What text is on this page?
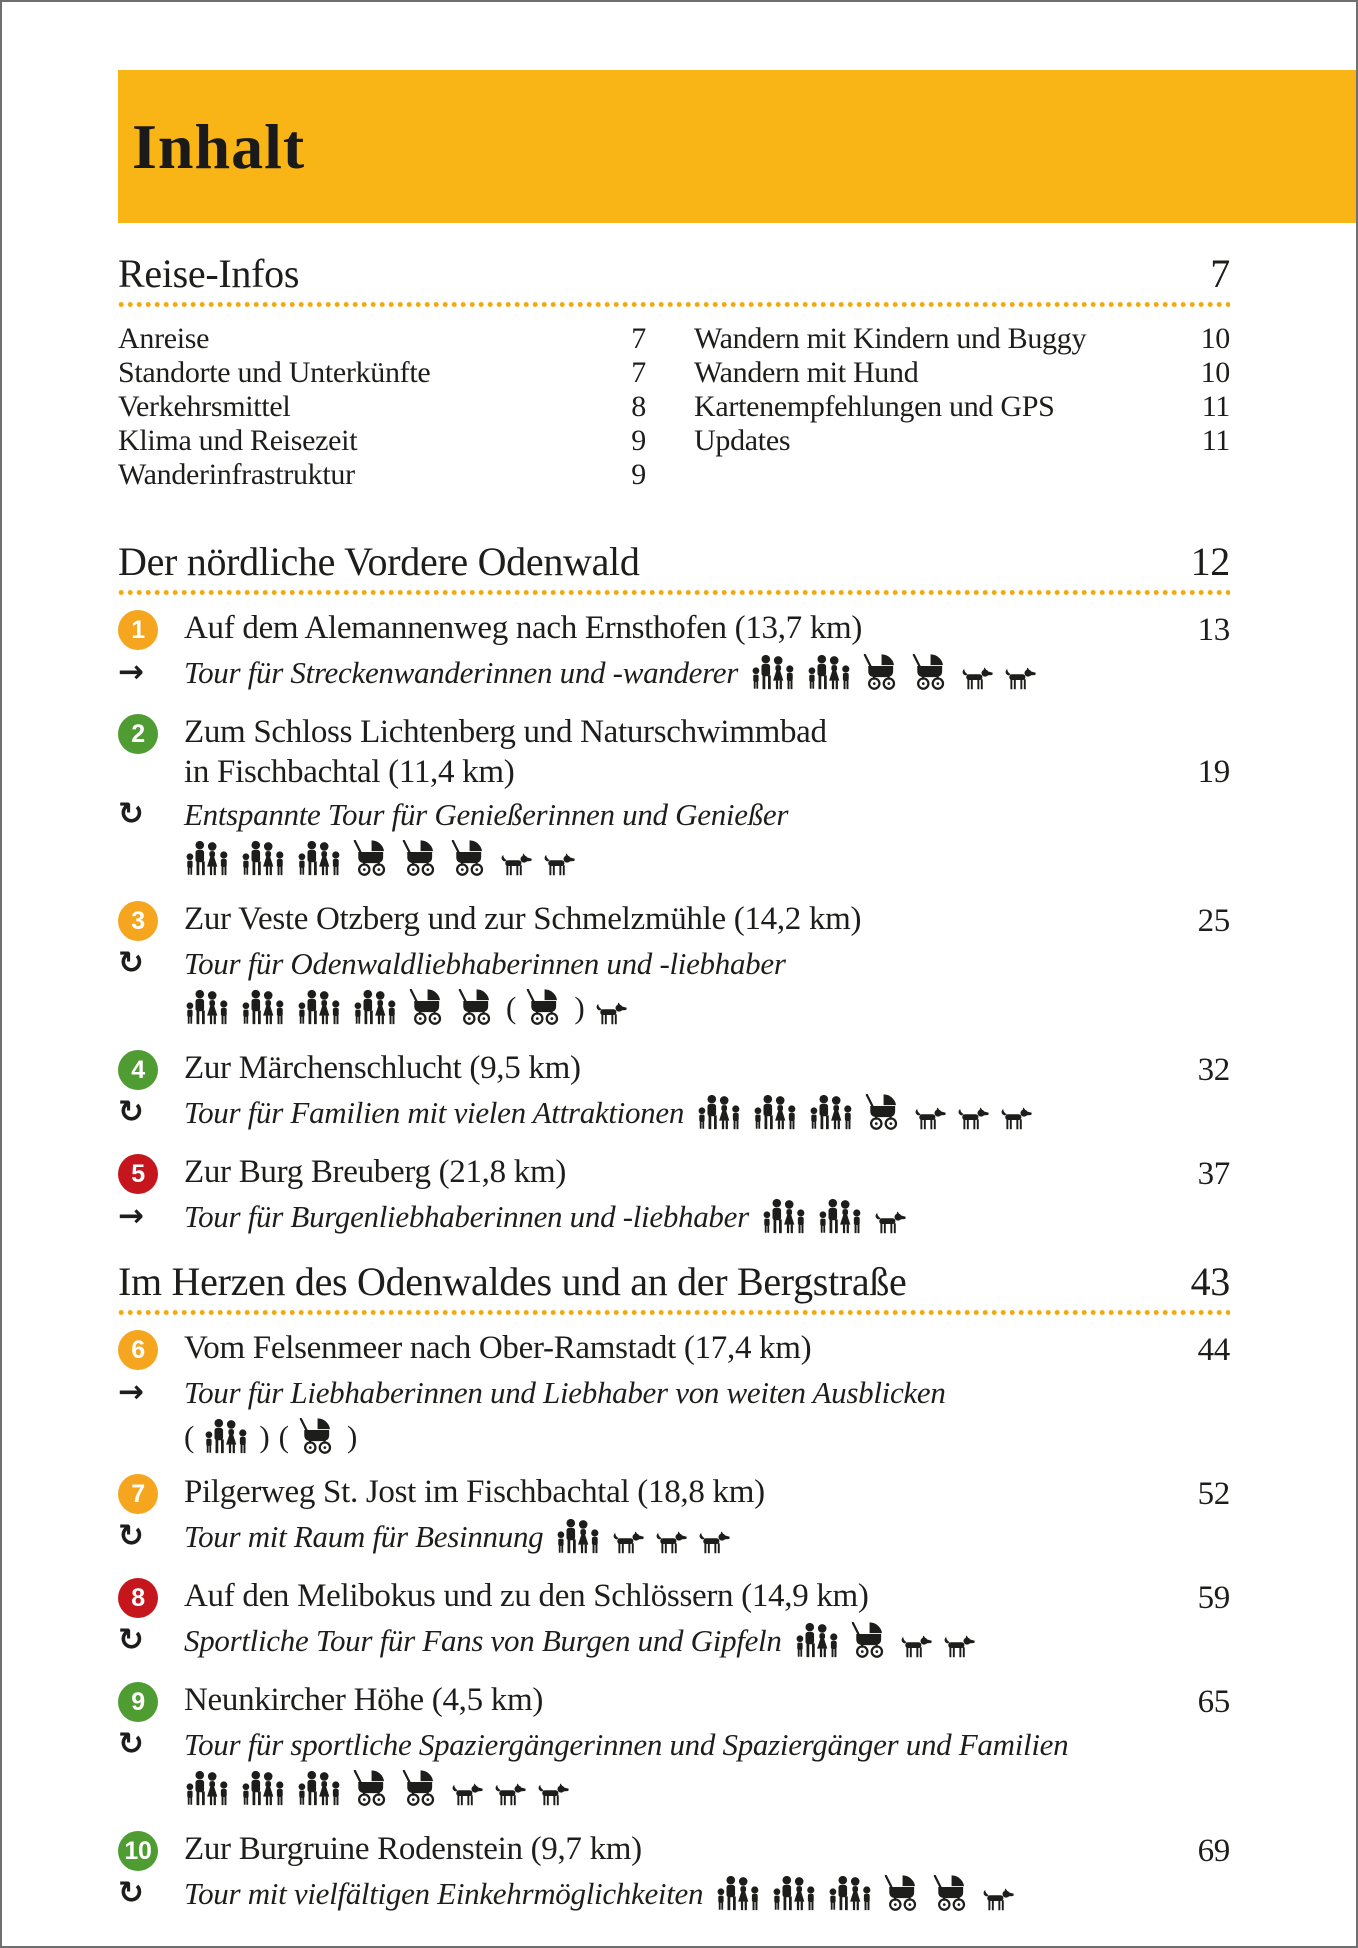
Inhalt
Reise-Infos	7
Anreise	7
Standorte und Unterkünfte	7
Verkehrsmittel	8
Klima und Reisezeit	9
Wanderinfrastruktur	9
Wandern mit Kindern und Buggy	10
Wandern mit Hund	10
Kartenempfehlungen und GPS	11
Updates	11
Der nördliche Vordere Odenwald	12
1	Auf dem Alemannenweg nach Ernsthofen (13,7 km)	13
→	Tour für Streckenwanderinnen und -wanderer
2	Zum Schloss Lichtenberg und Naturschwimmbad
in Fischbachtal (11,4 km)	19
↻	Entspannte Tour für Genießerinnen und Genießer
3	Zur Veste Otzberg und zur Schmelzmühle (14,2 km)	25
↻	Tour für Odenwaldliebhaberinnen und -liebhaber
( )
4	Zur Märchenschlucht (9,5 km)	32
↻	Tour für Familien mit vielen Attraktionen
5	Zur Burg Breuberg (21,8 km)	37
→	Tour für Burgenliebhaberinnen und -liebhaber
Im Herzen des Odenwaldes und an der Bergstraße	43
6	Vom Felsenmeer nach Ober-Ramstadt (17,4 km)	44
→	Tour für Liebhaberinnen und Liebhaber von weiten Ausblicken
( ) ( )
7	Pilgerweg St. Jost im Fischbachtal (18,8 km)	52
↻	Tour mit Raum für Besinnung
8	Auf den Melibokus und zu den Schlössern (14,9 km)	59
↻	Sportliche Tour für Fans von Burgen und Gipfeln
9	Neunkircher Höhe (4,5 km)	65
↻	Tour für sportliche Spaziergängerinnen und Spaziergänger und Familien
10 Zur Burgruine Rodenstein (9,7 km)	69
↻	Tour mit vielfältigen Einkehrmöglichkeiten
